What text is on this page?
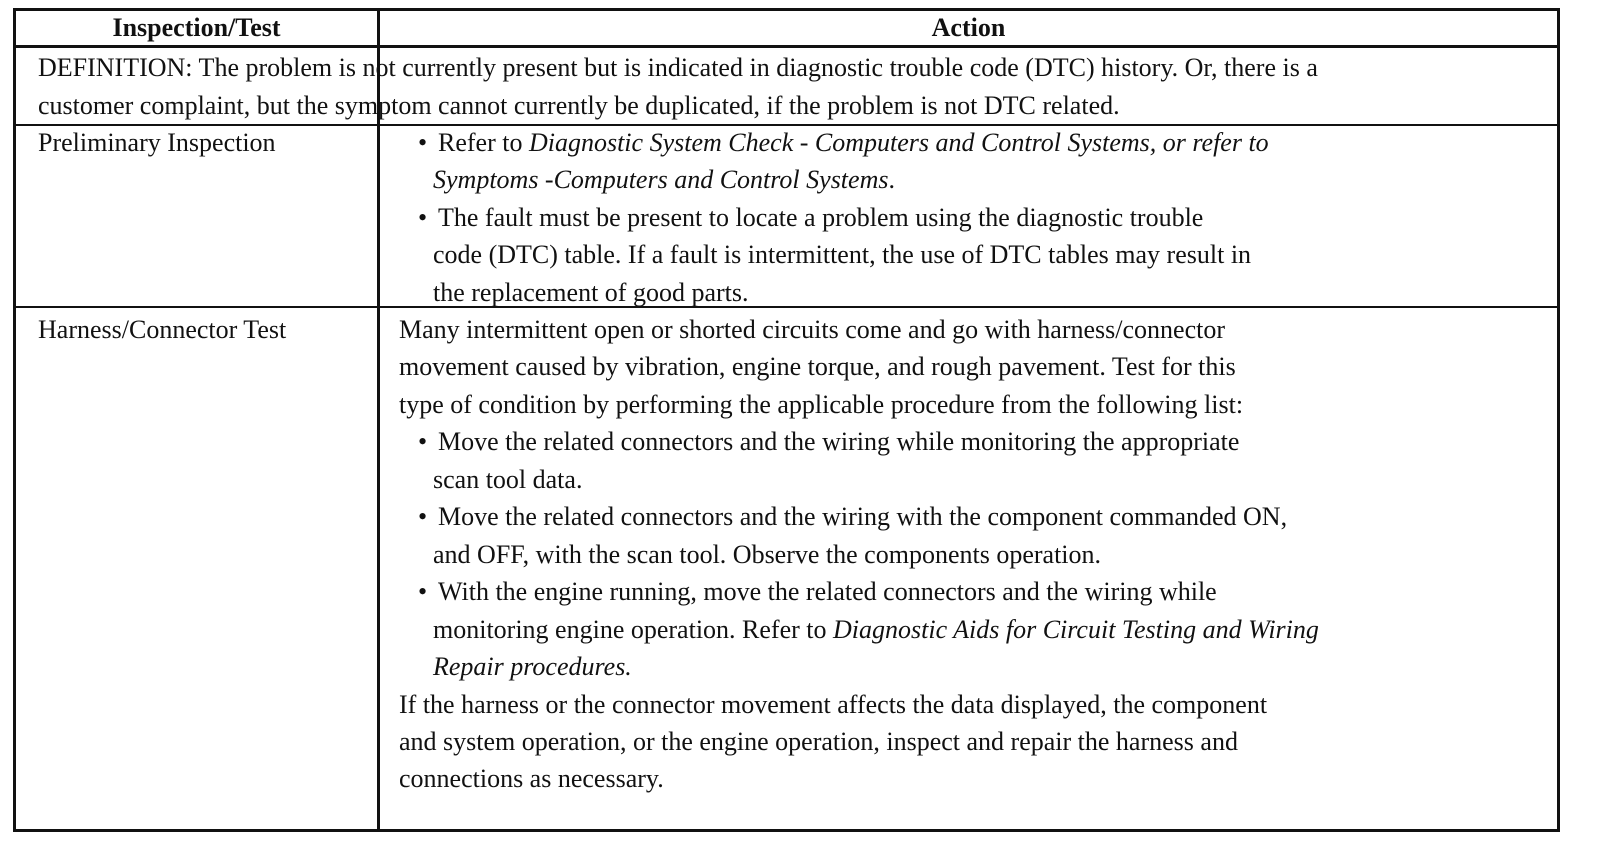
Inspection/Test	Action
DEFINITION: The problem is not currently present but is indicated in diagnostic trouble code (DTC) history. Or, there is a
customer complaint, but the symptom cannot currently be duplicated, if the problem is not DTC related.
Preliminary Inspection
•	Refer to Diagnostic System Check - Computers and Control Systems, or refer to
Symptoms -Computers and Control Systems.
• The fault must be present to locate a problem using the diagnostic trouble
code (DTC) table. If a fault is intermittent, the use of DTC tables may result in
the replacement of good parts.
Harness/Connector Test	Many intermittent open or shorted circuits come and go with harness/connector
movement caused by vibration, engine torque, and rough pavement. Test for this
type of condition by performing the applicable procedure from the following list:
• Move the related connectors and the wiring while monitoring the appropriate
scan tool data.
• Move the related connectors and the wiring with the component commanded ON,
and OFF, with the scan tool. Observe the components operation.
• With the engine running, move the related connectors and the wiring while
monitoring engine operation. Refer to Diagnostic Aids for Circuit Testing and Wiring
Repair procedures.
If the harness or the connector movement affects the data displayed, the component
and system operation, or the engine operation, inspect and repair the harness and
connections as necessary.
